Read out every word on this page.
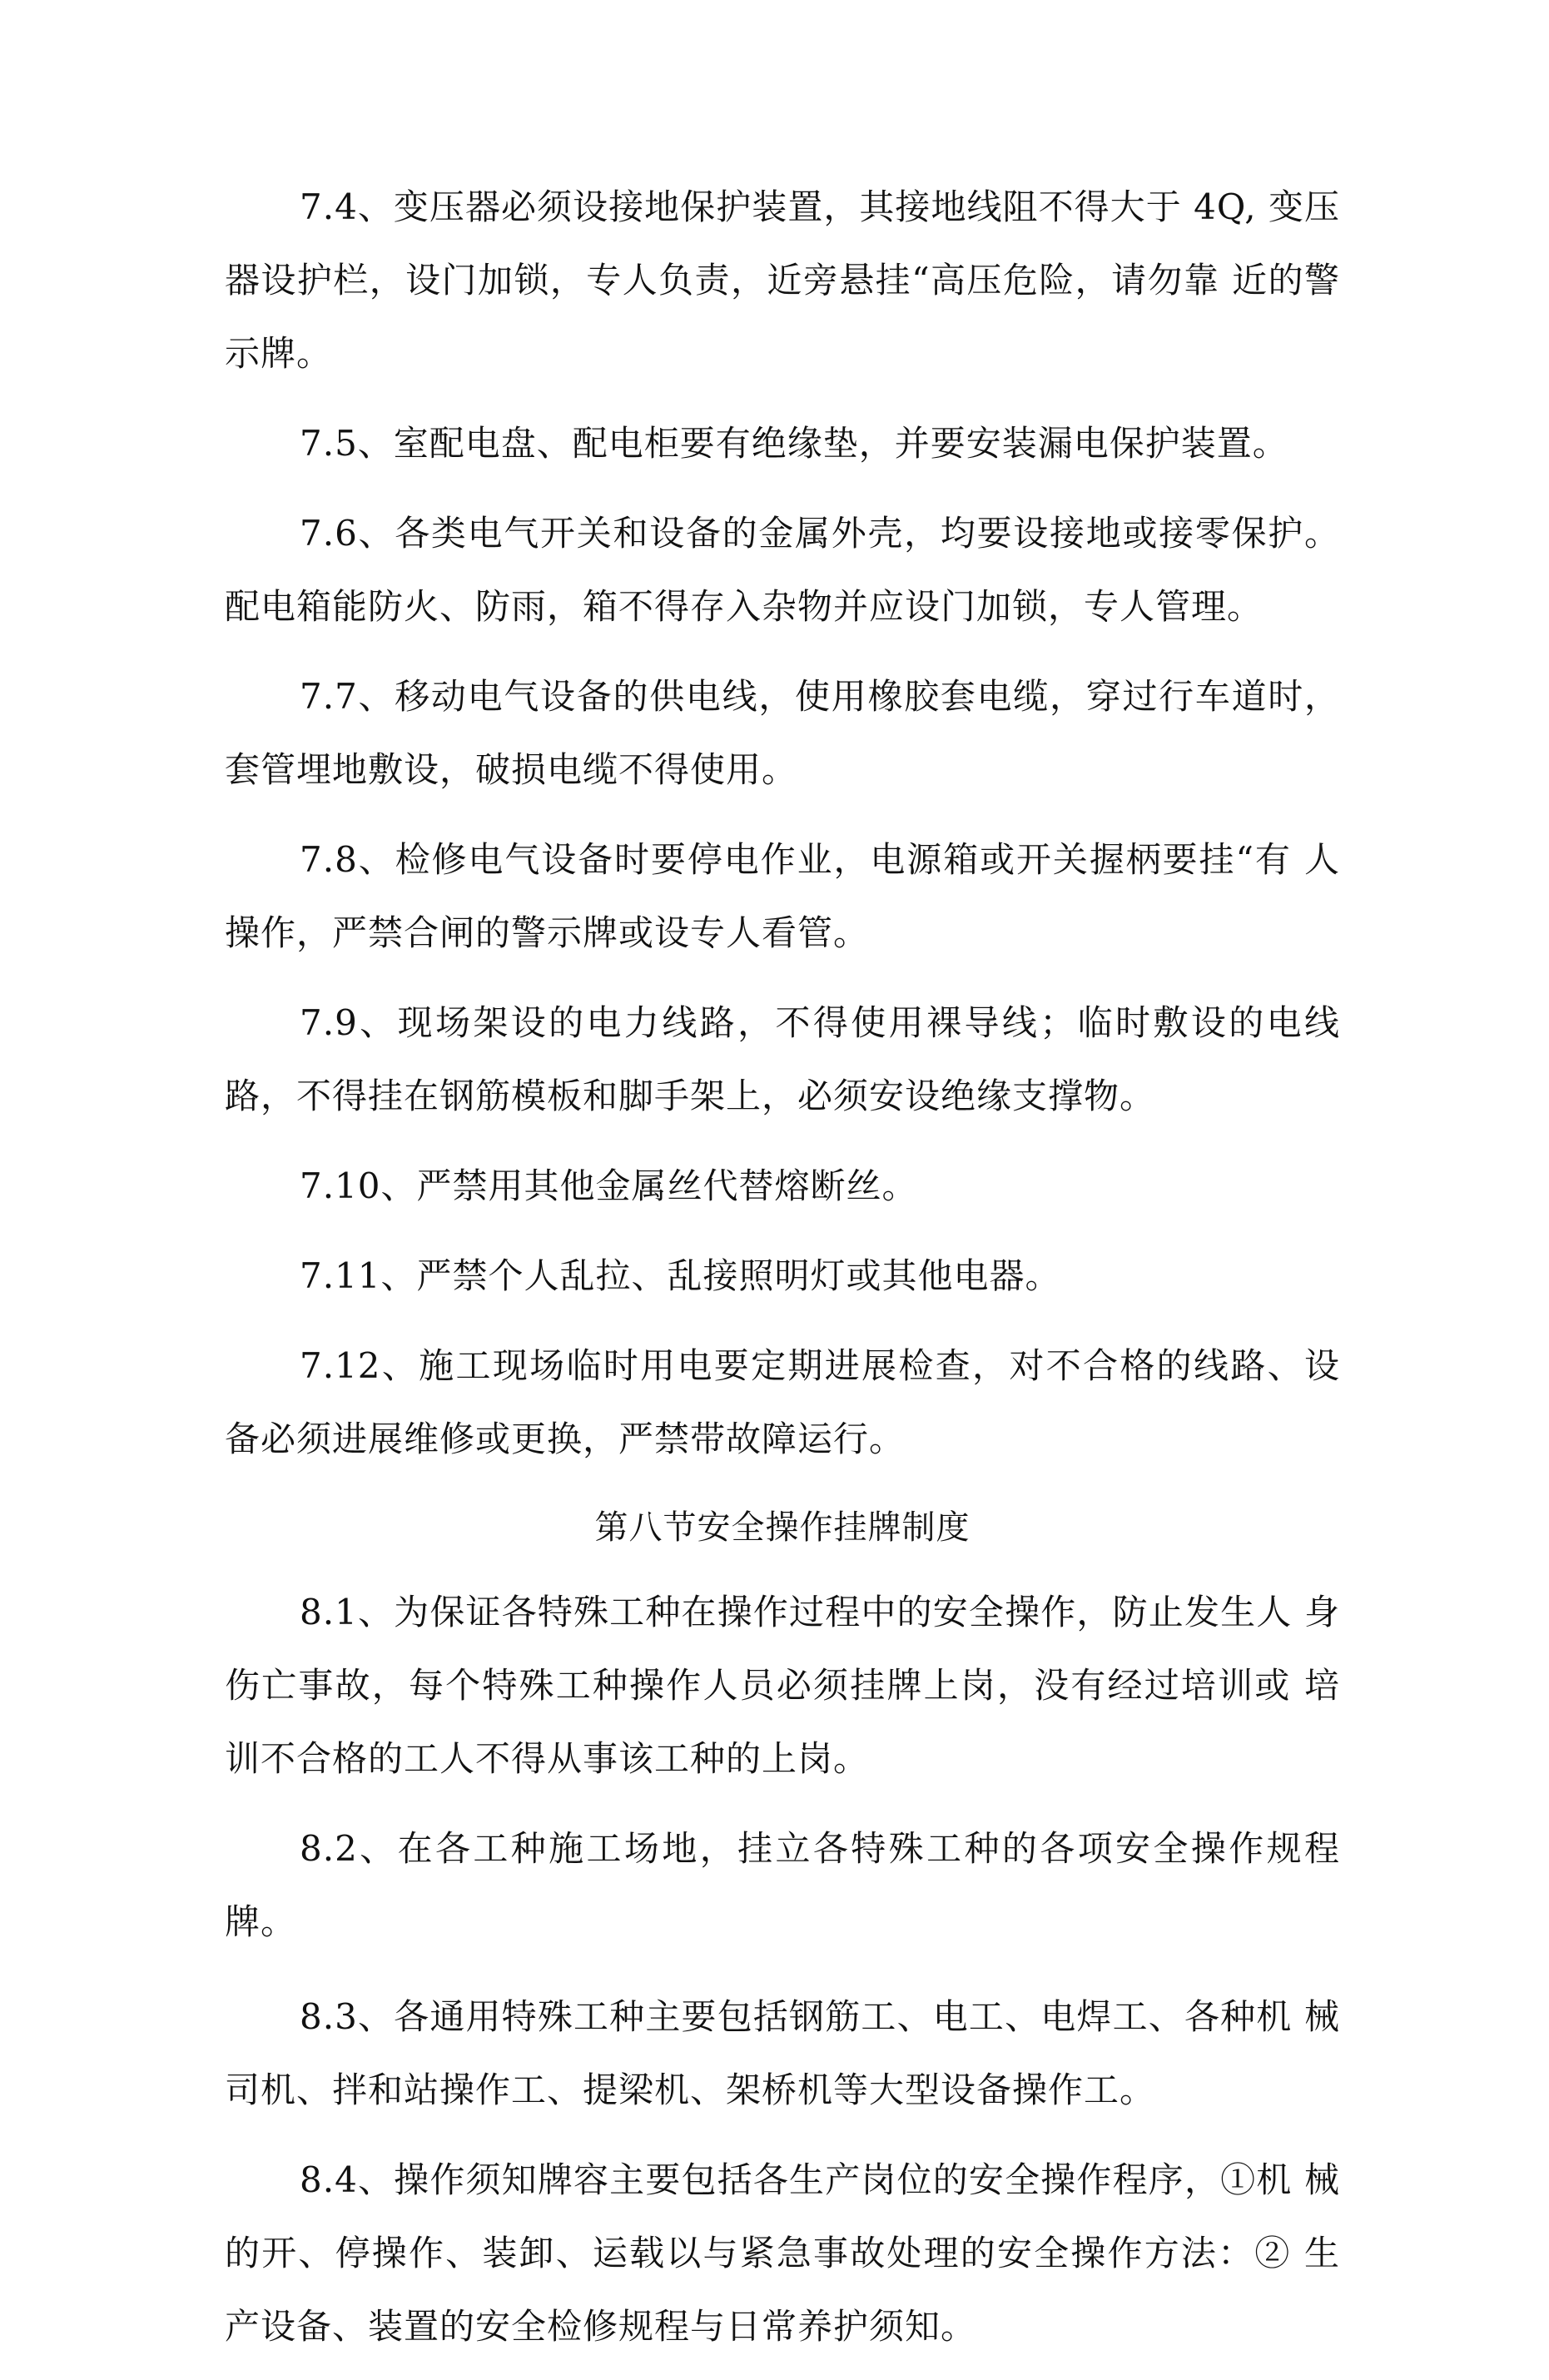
7.4、变压器必须设接地保护装置，其接地线阻不得大于 4Q, 变压器设护栏，设门加锁，专人负责，近旁悬挂“高压危险，请勿靠 近的警示牌。

7.5、室配电盘、配电柜要有绝缘垫，并要安装漏电保护装置。

7.6、各类电气开关和设备的金属外壳，均要设接地或接零保护。 配电箱能防火、防雨，箱不得存入杂物并应设门加锁，专人管理。

7.7、移动电气设备的供电线，使用橡胶套电缆，穿过行车道时， 套管埋地敷设，破损电缆不得使用。

7.8、检修电气设备时要停电作业，电源箱或开关握柄要挂“有 人操作，严禁合闸的警示牌或设专人看管。

7.9、现场架设的电力线路，不得使用裸导线；临时敷设的电线 路，不得挂在钢筋模板和脚手架上，必须安设绝缘支撑物。

7.10、严禁用其他金属丝代替熔断丝。

7.11、严禁个人乱拉、乱接照明灯或其他电器。

7.12、施工现场临时用电要定期进展检查，对不合格的线路、设 备必须进展维修或更换，严禁带故障运行。

第八节安全操作挂牌制度

8.1、为保证各特殊工种在操作过程中的安全操作，防止发生人 身伤亡事故，每个特殊工种操作人员必须挂牌上岗，没有经过培训或 培训不合格的工人不得从事该工种的上岗。

8.2、在各工种施工场地，挂立各特殊工种的各项安全操作规程 牌。

8.3、各通用特殊工种主要包括钢筋工、电工、电焊工、各种机 械司机、拌和站操作工、提梁机、架桥机等大型设备操作工。

8.4、操作须知牌容主要包括各生产岗位的安全操作程序，①机 械的开、停操作、装卸、运载以与紧急事故处理的安全操作方法：② 生产设备、装置的安全检修规程与日常养护须知。
